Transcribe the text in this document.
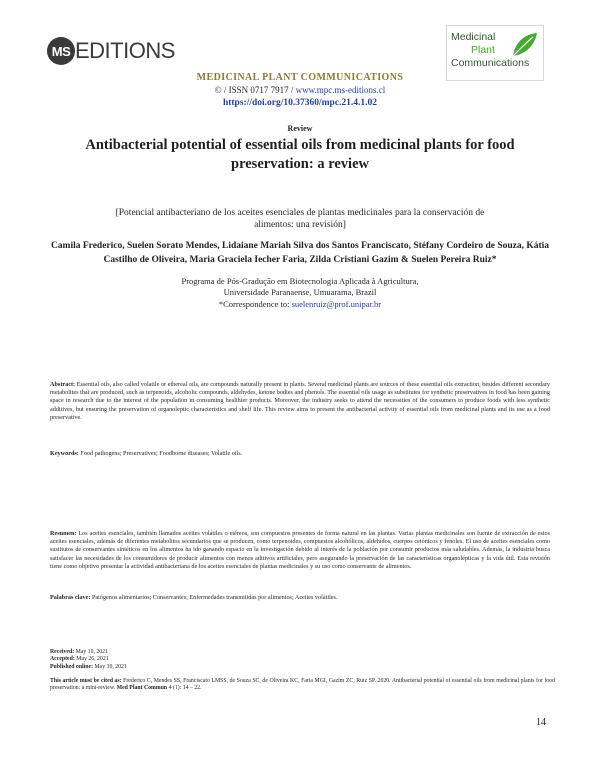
MS EDITIONS
Medicinal
Plant
Communications
MEDICINAL PLANT COMMUNICATIONS
© / ISSN 0717 7917 / www.mpc.ms-editions.cl
https://doi.org/10.37360/mpc.21.4.1.02
Review
Antibacterial potential of essential oils from medicinal plants for food preservation: a review
[Potencial antibacteriano de los aceites esenciales de plantas medicinales para la conservación de alimentos: una revisión]
Camila Frederico, Suelen Sorato Mendes, Lidaiane Mariah Silva dos Santos Franciscato, Stéfany Cordeiro de Souza, Kátia Castilho de Oliveira, Maria Graciela Iecher Faria, Zilda Cristiani Gazim & Suelen Pereira Ruiz*
Programa de Pós-Gradução em Biotecnologia Aplicada à Agricultura,
Universidade Paranaense, Umuarama, Brazil
*Correspondence to: suelenruiz@prof.unipar.br
Abstract: Essential oils, also called volatile or ethereal oils, are compounds naturally present in plants. Several medicinal plants are sources of these essential oils extraction, besides different secondary metabolites that are produced, such as terpenoids, alcoholic compounds, aldehydes, ketone bodies and phenols. The essential oils usage as substitutes for synthetic preservatives in food has been gaining space in research due to the interest of the population in consuming healthier products. Moreover, the industry seeks to attend the necessities of the consumers to produce foods with less synthetic additives, but ensuring the preservation of organoleptic characteristics and shelf life. This review aims to present the antibacterial activity of essential oils from medicinal plants and its use as a food preservative.
Keywords: Food pathogens; Preservatives; Foodborne diseases; Volatile oils.
Resumen: Los aceites esenciales, también llamados aceites volátiles o etéreos, son compuestos presentes de forma natural en las plantas. Varias plantas medicinales son fuente de extracción de estos aceites esenciales, además de diferentes metabolitos secundarios que se producen, como terpenoides, compuestos alcohólicos, aldehídos, cuerpos cetónicos y fenoles. El uso de aceites esenciales como sustitutos de conservantes sintéticos en los alimentos ha ido ganando espacio en la investigación debido al interés de la población por consumir productos más saludables. Además, la industria busca satisfacer las necesidades de los consumidores de producir alimentos con menos aditivos artificiales, pero asegurando la preservación de las características organolépticas y la vida útil. Esta revisión tiene como objetivo presentar la actividad antibacteriana de los aceites esenciales de plantas medicinales y su uso como conservante de alimentos.
Palabras clave: Patógenos alimentarios; Conservantes; Enfermedades transmitidas por alimentos; Aceites volátiles.
Received: May 10, 2021
Accepted: May 26, 2021
Published online: May 30, 2021
This article must be cited as: Frederico C, Mendes SS, Franciscato LMSS, de Souza SC, de Oliveira KC, Faria MGI, Gazim ZC, Ruiz SP. 2020. Antibacterial potential of essential oils from medicinal plants for food preservation: a mini-review. Med Plant Commun 4 (1): 14 – 22.
14
